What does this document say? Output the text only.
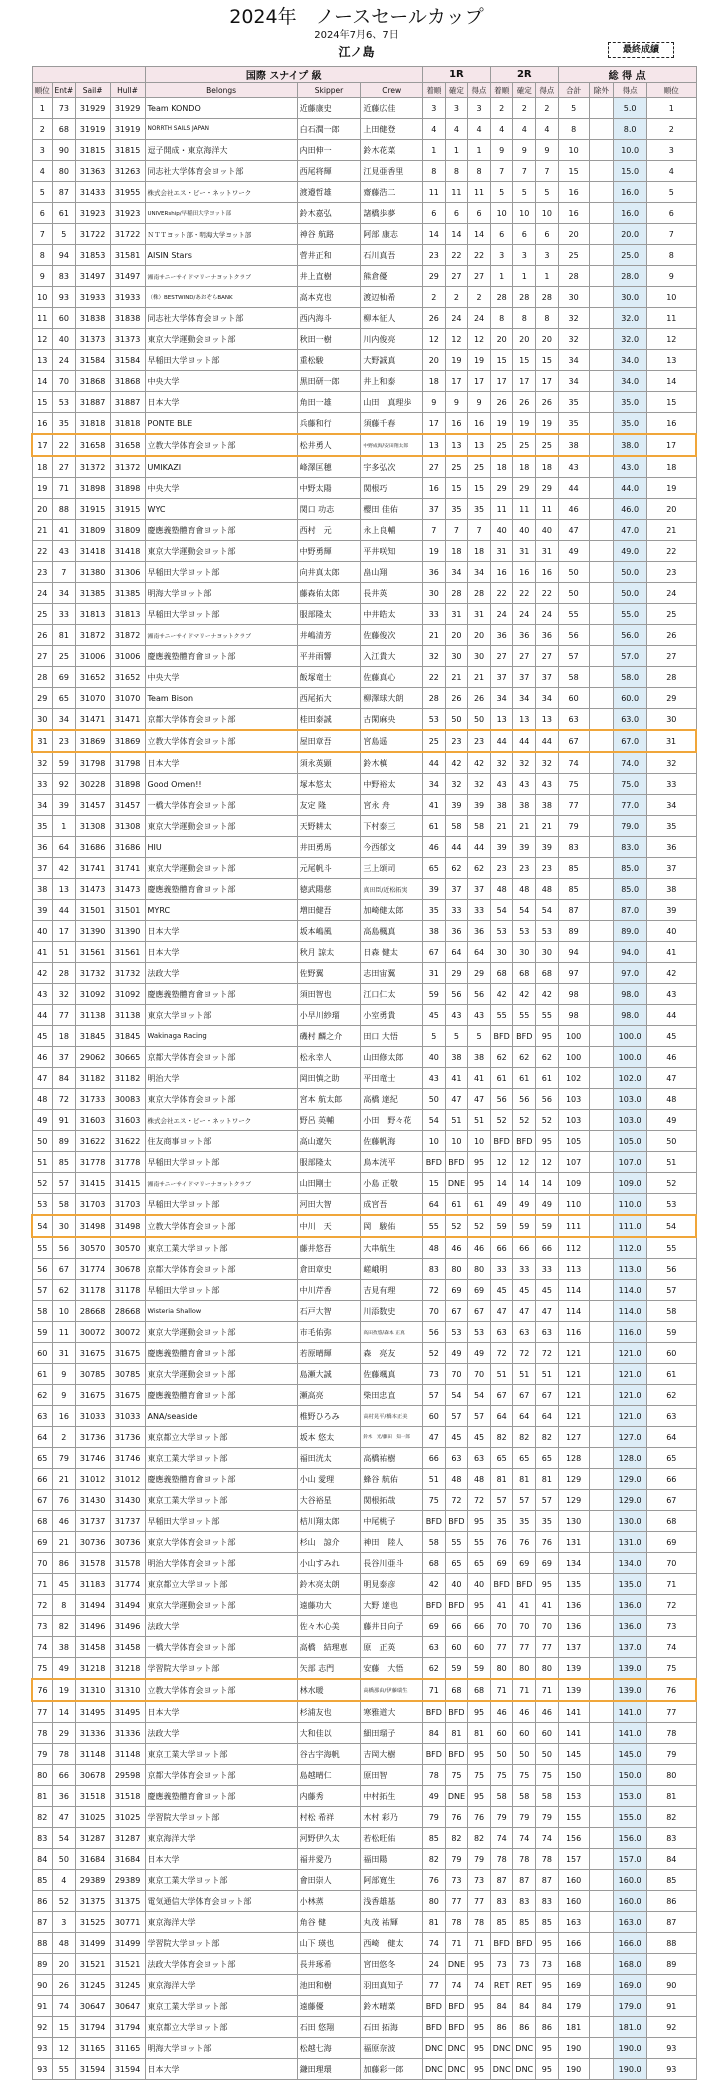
2024年　ノースセールカップ
2024年7月6、7日
江ノ島	最終成績
				国際 スナイプ 級			1R			2R			総 得 点			
順位	Ent#	Sail#	Hull#	Belongs	Skipper	Crew	着順	確定	得点	着順	確定	得点	合計	除外	得点	順位
1	73	31929	31929	Team KONDO	近藤康史	近藤広佳	3	3	3	2	2	2	5		5.0	1
2	68	31919	31919	NORRTH SAILS JAPAN	白石潤一郎	上田健登	4	4	4	4	4	4	8		8.0	2
3	90	31815	31815	逗子開成・東京海洋大	内田伸一	鈴木花菜	1	1	1	9	9	9	10		10.0	3
4	80	31363	31263	同志社大学体育会ヨット部	西尾将輝	江見亜香里	8	8	8	7	7	7	15		15.0	4
5	87	31433	31955	株式会社エス・ピー・ネットワーク	渡邉哲雄	齋藤浩二	11	11	11	5	5	5	16		16.0	5
6	61	31923	31923	UNIVERship/早稲田大学ヨット部	鈴木嘉弘	諸橋歩夢	6	6	6	10	10	10	16		16.0	6
7	5	31722	31722	ＮＴＴヨット部・明海大学ヨット部	神谷 航路	阿部 康志	14	14	14	6	6	6	20		20.0	7
8	94	31853	31581	AISIN Stars	菅井正和	石川真吾	23	22	22	3	3	3	25		25.0	8
9	83	31497	31497	湘南サニーサイドマリーナヨットクラブ	井上直樹	熊倉優	29	27	27	1	1	1	28		28.0	9
10	93	31933	31933	（株）BESTWIND/あおぞらBANK	高本克也	渡辺杣希	2	2	2	28	28	28	30		30.0	10
11	60	31838	31838	同志社大学体育会ヨット部	西内海斗	柳本征人	26	24	24	8	8	8	32		32.0	11
12	40	31373	31373	東京大学運動会ヨット部	秋田一樹	川内俊亮	12	12	12	20	20	20	32		32.0	12
13	24	31584	31584	早稲田大学ヨット部	重松駿	大野誠真	20	19	19	15	15	15	34		34.0	13
14	70	31868	31868	中央大学	黒田研一郎	井上和泰	18	17	17	17	17	17	34		34.0	14
15	53	31887	31887	日本大学	角田一雄	山田　真理歩	9	9	9	26	26	26	35		35.0	15
16	35	31818	31818	PONTE BLE	兵藤和行	須藤千春	17	16	16	19	19	19	35		35.0	16
17	22	31658	31658	立教大学体育会ヨット部	松井勇人	中野成海/安田翔太郎	13	13	13	25	25	25	38		38.0	17
18	27	31372	31372	UMIKAZI	峰澤匡穂	宇多弘次	27	25	25	18	18	18	43		43.0	18
19	71	31898	31898	中央大学	中野太陽	関根巧	16	15	15	29	29	29	44		44.0	19
20	88	31915	31915	WYC	関口 功志	櫻田 佳佑	37	35	35	11	11	11	46		46.0	20
21	41	31809	31809	慶應義塾體育會ヨット部	西村　元	永上良輔	7	7	7	40	40	40	47		47.0	21
22	43	31418	31418	東京大学運動会ヨット部	中野勇輝	平井咲知	19	18	18	31	31	31	49		49.0	22
23	7	31380	31306	早稲田大学ヨット部	向井真太郎	畠山翔	36	34	34	16	16	16	50		50.0	23
24	34	31385	31385	明海大学ヨット部	藤森佑太郎	長井英	30	28	28	22	22	22	50		50.0	24
25	33	31813	31813	早稲田大学ヨット部	服部隆太	中井皓太	33	31	31	24	24	24	55		55.0	25
26	81	31872	31872	湘南サニーサイドマリーナヨットクラブ	井嶋清芳	佐藤俊次	21	20	20	36	36	36	56		56.0	26
27	25	31006	31006	慶應義塾體育會ヨット部	平井雨響	入江貴大	32	30	30	27	27	27	57		57.0	27
28	69	31652	31652	中央大学	飯塚竜士	佐藤真心	22	21	21	37	37	37	58		58.0	28
29	65	31070	31070	Team Bison	西尾拓大	柳澤球大朗	28	26	26	34	34	34	60		60.0	29
30	34	31471	31471	京都大学体育会ヨット部	桂田泰誠	古閑麻央	53	50	50	13	13	13	63		63.0	30
31	23	31869	31869	立教大学体育会ヨット部	屋田章吾	宮島遥	25	23	23	44	44	44	67		67.0	31
32	59	31798	31798	日本大学	須永英顕	鈴木槙	44	42	42	32	32	32	74		74.0	32
33	92	30228	31898	Good Omen!!	塚本悠太	中野裕太	34	32	32	43	43	43	75		75.0	33
34	39	31457	31457	一橋大学体育会ヨット部	友定 隆	宮永 舟	41	39	39	38	38	38	77		77.0	34
35	1	31308	31308	東京大学運動会ヨット部	天野耕太	下村泰三	61	58	58	21	21	21	79		79.0	35
36	64	31686	31686	HIU	井田勇馬	今西郁文	46	44	44	39	39	39	83		83.0	36
37	42	31741	31741	東京大学運動会ヨット部	元尾帆斗	三上頌司	65	62	62	23	23	23	85		85.0	37
38	13	31473	31473	慶應義塾體育會ヨット部	徳武陽慈	真田臣/近松拓実	39	37	37	48	48	48	85		85.0	38
39	44	31501	31501	MYRC	増田健吾	加崎健太郎	35	33	33	54	54	54	87		87.0	39
40	17	31390	31390	日本大学	坂本嶋風	高島楓真	38	36	36	53	53	53	89		89.0	40
41	51	31561	31561	日本大学	秋月 諒太	日森 健太	67	64	64	30	30	30	94		94.0	41
42	28	31732	31732	法政大学	佐野翼	志田宙翼	31	29	29	68	68	68	97		97.0	42
43	32	31092	31092	慶應義塾體育會ヨット部	須田智也	江口仁太	59	56	56	42	42	42	98		98.0	43
44	77	31138	31138	東京大学ヨット部	小早川紗瑠	小室勇貴	45	43	43	55	55	55	98		98.0	44
45	18	31845	31845	Wakinaga Racing	磯村 麟之介	田口 大悟	5	5	5	BFD	BFD	95	100		100.0	45
46	37	29062	30665	京都大学体育会ヨット部	松永幸人	山田修太郎	40	38	38	62	62	62	100		100.0	46
47	84	31182	31182	明治大学	岡田慎之助	平田竜士	43	41	41	61	61	61	102		102.0	47
48	72	31733	30083	東京大学体育会ヨット部	宮本 航太郎	高橋 達紀	50	47	47	56	56	56	103		103.0	48
49	91	31603	31603	株式会社エス・ピー・ネットワーク	野呂 英輔	小田　野々花	54	51	51	52	52	52	103		103.0	49
50	89	31622	31622	住友商事ヨット部	高山遼矢	佐藤帆海	10	10	10	BFD	BFD	95	105		105.0	50
51	85	31778	31778	早稲田大学ヨット部	服部隆太	鳥本洸平	BFD	BFD	95	12	12	12	107		107.0	51
52	57	31415	31415	湘南サニーサイドマリーナヨットクラブ	山田剛士	小島 正敬	15	DNE	95	14	14	14	109		109.0	52
53	58	31703	31703	早稲田大学ヨット部	河田大智	成宮吾	64	61	61	49	49	49	110		110.0	53
54	30	31498	31498	立教大学体育会ヨット部	中川　天	岡　駿佑	55	52	52	59	59	59	111		111.0	54
55	56	30570	30570	東京工業大学ヨット部	藤井悠吾	大串航生	48	46	46	66	66	66	112		112.0	55
56	67	31774	30678	京都大学体育会ヨット部	倉田章史	嵯峨明	83	80	80	33	33	33	113		113.0	56
57	62	31178	31178	早稲田大学ヨット部	中川芹香	吉見有理	72	69	69	45	45	45	114		114.0	57
58	10	28668	28668	Wisteria Shallow	石戸大智	川添数史	70	67	67	47	47	47	114		114.0	58
59	11	30072	30072	東京大学運動会ヨット部	市毛佑弥	高田孜悠/森本 正真	56	53	53	63	63	63	116		116.0	59
60	31	31675	31675	慶應義塾體育會ヨット部	若原晴輝	森　亮友	52	49	49	72	72	72	121		121.0	60
61	9	30785	30785	東京大学運動会ヨット部	島瀬大誠	佐藤颯真	73	70	70	51	51	51	121		121.0	61
62	9	31675	31675	慶應義塾體育會ヨット部	瀬高亮	柴田忠直	57	54	54	67	67	67	121		121.0	62
63	16	31033	31033	ANA/seaside	椎野ひろみ	高村晃平/橋本正美	60	57	57	64	64	64	121		121.0	63
64	2	31736	31736	東京都立大学ヨット部	坂本 悠太	鈴木　光/藤田　知一郎	47	45	45	82	82	82	127		127.0	64
65	79	31746	31746	東京工業大学ヨット部	福田洸太	高橋祐樹	66	63	63	65	65	65	128		128.0	65
66	21	31012	31012	慶應義塾體育會ヨット部	小山 愛理	蜂谷 航佑	51	48	48	81	81	81	129		129.0	66
67	76	31430	31430	東京工業大学ヨット部	大谷裕星	関根拓哉	75	72	72	57	57	57	129		129.0	67
68	46	31737	31737	早稲田大学ヨット部	桔川翔太郎	中尾桃子	BFD	BFD	95	35	35	35	130		130.0	68
69	21	30736	30736	東京大学体育会ヨット部	杉山　諒介	神田　陸人	58	55	55	76	76	76	131		131.0	69
70	86	31578	31578	明治大学体育会ヨット部	小山すみれ	長谷川亜斗	68	65	65	69	69	69	134		134.0	70
71	45	31183	31774	東京都立大学ヨット部	鈴木亮太朗	明見泰彦	42	40	40	BFD	BFD	95	135		135.0	71
72	8	31494	31494	東京大学運動会ヨット部	遠藤功大	大野 達也	BFD	BFD	95	41	41	41	136		136.0	72
73	82	31496	31496	法政大学	佐々木心美	藤井日向子	69	66	66	70	70	70	136		136.0	73
74	38	31458	31458	一橋大学体育会ヨット部	高橋　結理恵	原　正英	63	60	60	77	77	77	137		137.0	74
75	49	31218	31218	学習院大学ヨット部	矢部 志門	安藤　大悟	62	59	59	80	80	80	139		139.0	75
76	19	31310	31310	立教大学体育会ヨット部	林水暖	高橋那由/伊藤瑞生	71	68	68	71	71	71	139		139.0	76
77	14	31495	31495	日本大学	杉浦友也	寒雅道大	BFD	BFD	95	46	46	46	141		141.0	77
78	29	31336	31336	法政大学	大和佳以	細田瑠子	84	81	81	60	60	60	141		141.0	78
79	78	31148	31148	東京工業大学ヨット部	谷古宇海帆	吉岡大樹	BFD	BFD	95	50	50	50	145		145.0	79
80	66	30678	29598	京都大学体育会ヨット部	島越晴仁	原田智	78	75	75	75	75	75	150		150.0	80
81	36	31518	31518	慶應義塾體育會ヨット部	内藤秀	中村拓生	49	DNE	95	58	58	58	153		153.0	81
82	47	31025	31025	学習院大学ヨット部	村松 希祥	木村 彩乃	79	76	76	79	79	79	155		155.0	82
83	54	31287	31287	東京海洋大学	河野伊久太	若松旺佑	85	82	82	74	74	74	156		156.0	83
84	50	31684	31684	日本大学	福井愛乃	福田陽	82	79	79	78	78	78	157		157.0	84
85	4	29389	29389	東京工業大学ヨット部	會田崇人	阿部寛生	76	73	73	87	87	87	160		160.0	85
86	52	31375	31375	電気通信大学体育会ヨット部	小林蒸	浅香雄基	80	77	77	83	83	83	160		160.0	86
87	3	31525	30771	東京海洋大学	角谷 健	丸茂 祐輝	81	78	78	85	85	85	163		163.0	87
88	48	31499	31499	学習院大学ヨット部	山下 瑛也	西崎　健太	74	71	71	BFD	BFD	95	166		166.0	88
89	20	31521	31521	法政大学体育会ヨット部	長井琢希	宮田悠冬	24	DNE	95	73	73	73	168		168.0	89
90	26	31245	31245	東京海洋大学	池田和樹	羽田真知子	77	74	74	RET	RET	95	169		169.0	90
91	74	30647	30647	東京工業大学ヨット部	遠藤優	鈴木晴菜	BFD	BFD	95	84	84	84	179		179.0	91
92	15	31794	31794	東京都立大学ヨット部	石田 悠翔	石田 拓海	BFD	BFD	95	86	86	86	181		181.0	92
93	12	31165	31165	明海大学ヨット部	松越七海	福原奈波	DNC	DNC	95	DNC	DNC	95	190		190.0	93
93	55	31594	31594	日本大学	鎌田理環	加藤彩一郎	DNC	DNC	95	DNC	DNC	95	190		190.0	93
